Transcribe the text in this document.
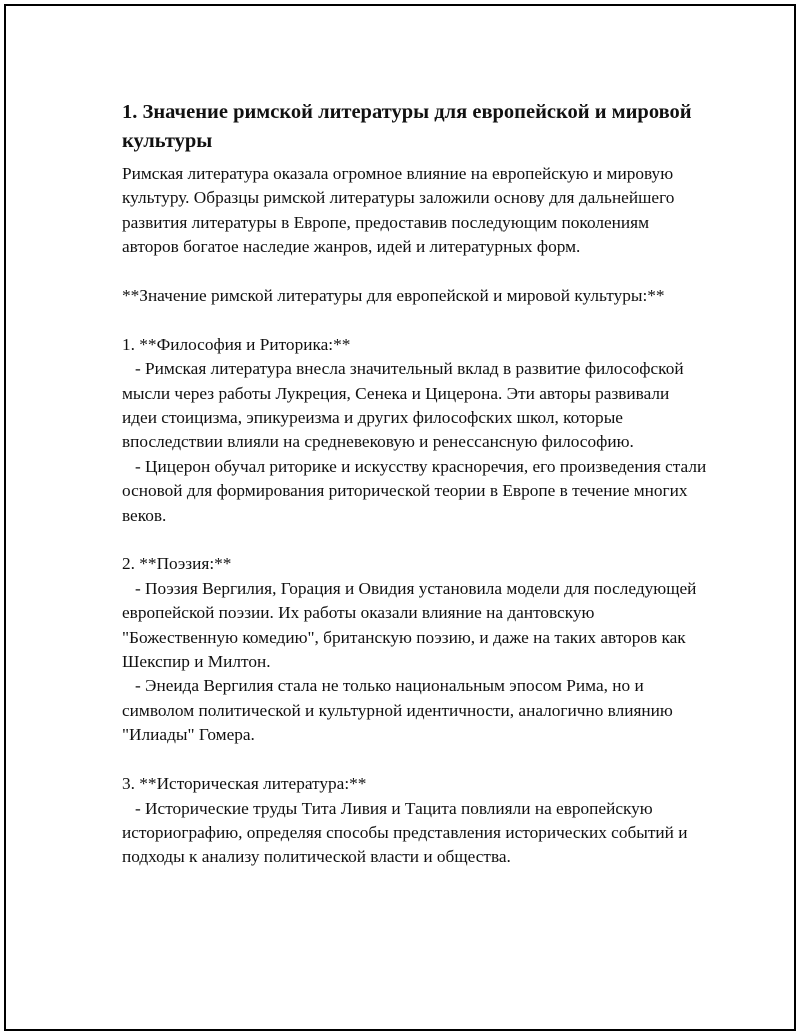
1. Значение римской литературы для европейской и мировой культуры

Римская литература оказала огромное влияние на европейскую и мировую культуру. Образцы римской литературы заложили основу для дальнейшего развития литературы в Европе, предоставив последующим поколениям авторов богатое наследие жанров, идей и литературных форм.

**Значение римской литературы для европейской и мировой культуры:**

1. **Философия и Риторика:**

- Римская литература внесла значительный вклад в развитие философской мысли через работы Лукреция, Сенека и Цицерона. Эти авторы развивали идеи стоицизма, эпикуреизма и других философских школ, которые впоследствии влияли на средневековую и ренессансную философию.

- Цицерон обучал риторике и искусству красноречия, его произведения стали основой для формирования риторической теории в Европе в течение многих веков.

2. **Поэзия:**

- Поэзия Вергилия, Горация и Овидия установила модели для последующей европейской поэзии. Их работы оказали влияние на дантовскую "Божественную комедию", британскую поэзию, и даже на таких авторов как Шекспир и Милтон.

- Энеида Вергилия стала не только национальным эпосом Рима, но и символом политической и культурной идентичности, аналогично влиянию "Илиады" Гомера.

3. **Историческая литература:**

- Исторические труды Тита Ливия и Тацита повлияли на европейскую историографию, определяя способы представления исторических событий и подходы к анализу политической власти и общества.
